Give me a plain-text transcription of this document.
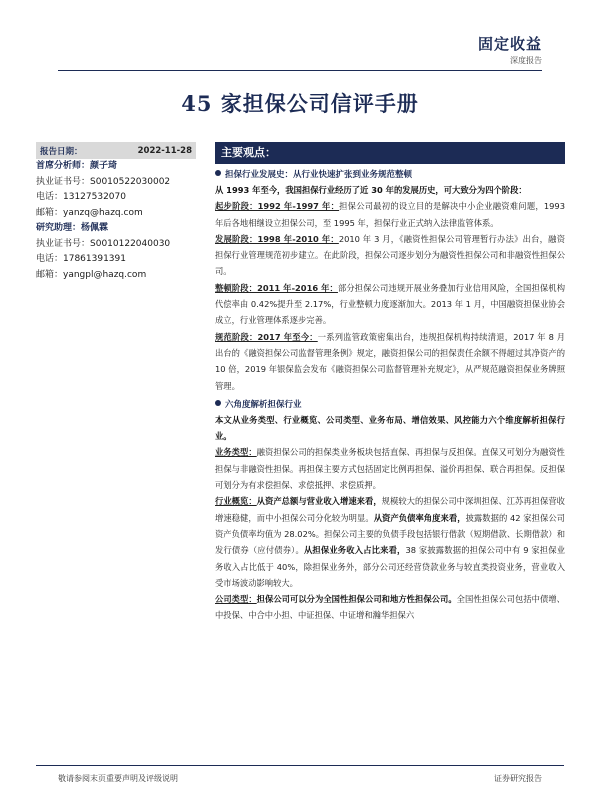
固定收益
深度报告
45 家担保公司信评手册
报告日期：	2022-11-28
首席分析师：颜子琦
执业证书号：S0010522030002
电话：13127532070
邮箱：yanzq@hazq.com
研究助理：杨佩霖
执业证书号：S0010122040030
电话：17861391391
邮箱：yangpl@hazq.com
主要观点：
担保行业发展史：从行业快速扩张到业务规范整顿
从 1993 年至今，我国担保行业经历了近 30 年的发展历史，可大致分为四个阶段：
起步阶段：1992 年-1997 年：担保公司最初的设立目的是解决中小企业融资难问题，1993 年后各地相继设立担保公司，至 1995 年，担保行业正式纳入法律监管体系。
发展阶段：1998 年-2010 年：2010 年 3 月，《融资性担保公司管理暂行办法》出台，融资担保行业管理规范初步建立。在此阶段，担保公司逐步划分为融资性担保公司和非融资性担保公司。
整顿阶段：2011 年-2016 年：部分担保公司违规开展业务叠加行业信用风险，全国担保机构代偿率由 0.42%提升至 2.17%，行业整顿力度逐渐加大。2013 年 1 月，中国融资担保业协会成立，行业管理体系逐步完善。
规范阶段：2017 年至今：一系列监管政策密集出台，违规担保机构持续清退，2017 年 8 月出台的《融资担保公司监督管理条例》规定，融资担保公司的担保责任余额不得超过其净资产的 10 倍，2019 年银保监会发布《融资担保公司监督管理补充规定》，从严规范融资担保业务牌照管理。
六角度解析担保行业
本文从业务类型、行业概览、公司类型、业务布局、增信效果、风控能力六个维度解析担保行业。
业务类型：融资担保公司的担保类业务板块包括直保、再担保与反担保。直保又可划分为融资性担保与非融资性担保。再担保主要方式包括固定比例再担保、溢价再担保、联合再担保。反担保可划分为有求偿担保、求偿抵押、求偿质押。
行业概览：从资产总额与营业收入增速来看，规模较大的担保公司中深圳担保、江苏再担保营收增速稳健，而中小担保公司分化较为明显。从资产负债率角度来看，披露数据的 42 家担保公司资产负债率均值为 28.02%。担保公司主要的负债手段包括银行借款（短期借款、长期借款）和发行债券（应付债券）。从担保业务收入占比来看，38 家披露数据的担保公司中有 9 家担保业务收入占比低于 40%，除担保业务外，部分公司还经营贷款业务与较直类投资业务，营业收入受市场波动影响较大。
公司类型：担保公司可以分为全国性担保公司和地方性担保公司。全国性担保公司包括中债增、中投保、中合中小担、中证担保、中证增和瀚华担保六
敬请参阅末页重要声明及评级说明	证券研究报告
